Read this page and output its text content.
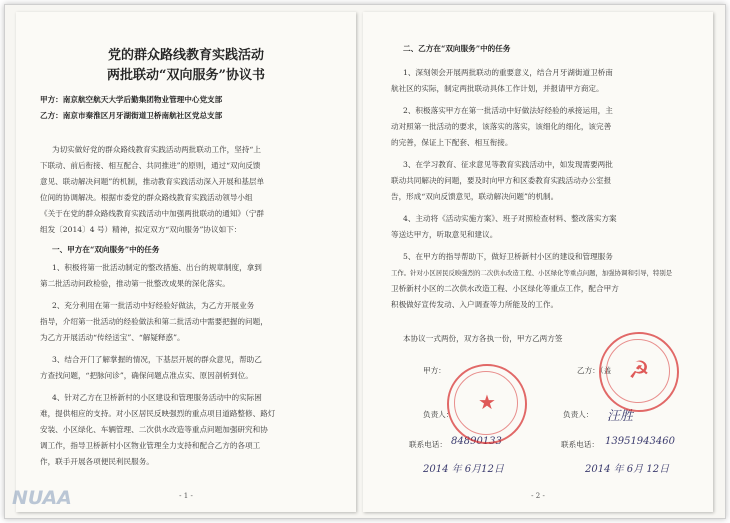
党的群众路线教育实践活动
两批联动“双向服务”协议书
甲方：南京航空航天大学后勤集团物业管理中心党支部
乙方：南京市秦淮区月牙湖街道卫桥南航社区党总支部
为切实做好党的群众路线教育实践活动两批联动工作，坚持“上
下联动、前后衔接、相互配合、共同推进”的原则，通过“双向反馈
意见、联动解决问题”的机制，推动教育实践活动深入开展和基层单
位间的协调解决。根据市委党的群众路线教育实践活动领导小组
《关于在党的群众路线教育实践活动中加强两批联动的通知》（宁群
组发〔2014〕4 号）精神，拟定双方“双向服务”协议如下：
一、甲方在“双向服务”中的任务
1、积极将第一批活动制定的整改措施、出台的规章制度，拿到
第二批活动问政检验，推动第一批整改成果的深化落实。
2、充分利用在第一批活动中好经验好做法，为乙方开展业务
指导，介绍第一批活动的经验做法和第二批活动中需要把握的问题，
为乙方开展活动“传经送宝”、“解疑释惑”。
3、结合开门了解掌握的情况，下基层开展的群众意见，帮助乙
方查找问题，“把脉问诊”，确保问题点准点实、原因剖析到位。
4、针对乙方在卫桥新村的小区建设和管理服务活动中的实际困
难，提供相应的支持。对小区居民反映强烈的重点项目道路整修、路灯
安装、小区绿化、车辆管理、二次供水改造等重点问题加强研究和协
调工作，指导卫桥新村小区物业管理全力支持和配合乙方的各项工
作，联手开展各项便民利民服务。
- 1 -
二、乙方在“双向服务”中的任务
1、深刻领会开展两批联动的重要意义，结合月牙湖街道卫桥南
航社区的实际，制定两批联动具体工作计划，并报请甲方商定。
2、积极落实甲方在第一批活动中好做法好经验的承接运用，主
动对照第一批活动的要求，该落实的落实，该细化的细化，该完善
的完善，保证上下配套、相互衔接。
3、在学习教育、征求意见等教育实践活动中，如发现需要两批
联动共同解决的问题，要及时向甲方和区委教育实践活动办公室报
告，形成“双向反馈意见，联动解决问题”的机制。
4、主动将《活动实施方案》、班子对照检查材料、整改落实方案
等送达甲方，听取意见和建议。
5、在甲方的指导帮助下，做好卫桥新村小区的建设和管理服务
工作。针对小区居民反映强烈的二次供水改造工程、小区绿化等重点问题，加强协调和引导，特别是
卫桥新村小区的二次供水改造工程、小区绿化等重点工作，配合甲方
积极做好宣传发动、入户调查等力所能及的工作。
本协议一式两份，双方各执一份，甲方乙两方签
甲方：	乙方：（盖
负责人：	负责人： 汪胜
联系电话： 84890133	联系电话： 13951943460
2014 年 6月12日	2014 年 6月 12日
★
☭
- 2 -
NUAA
